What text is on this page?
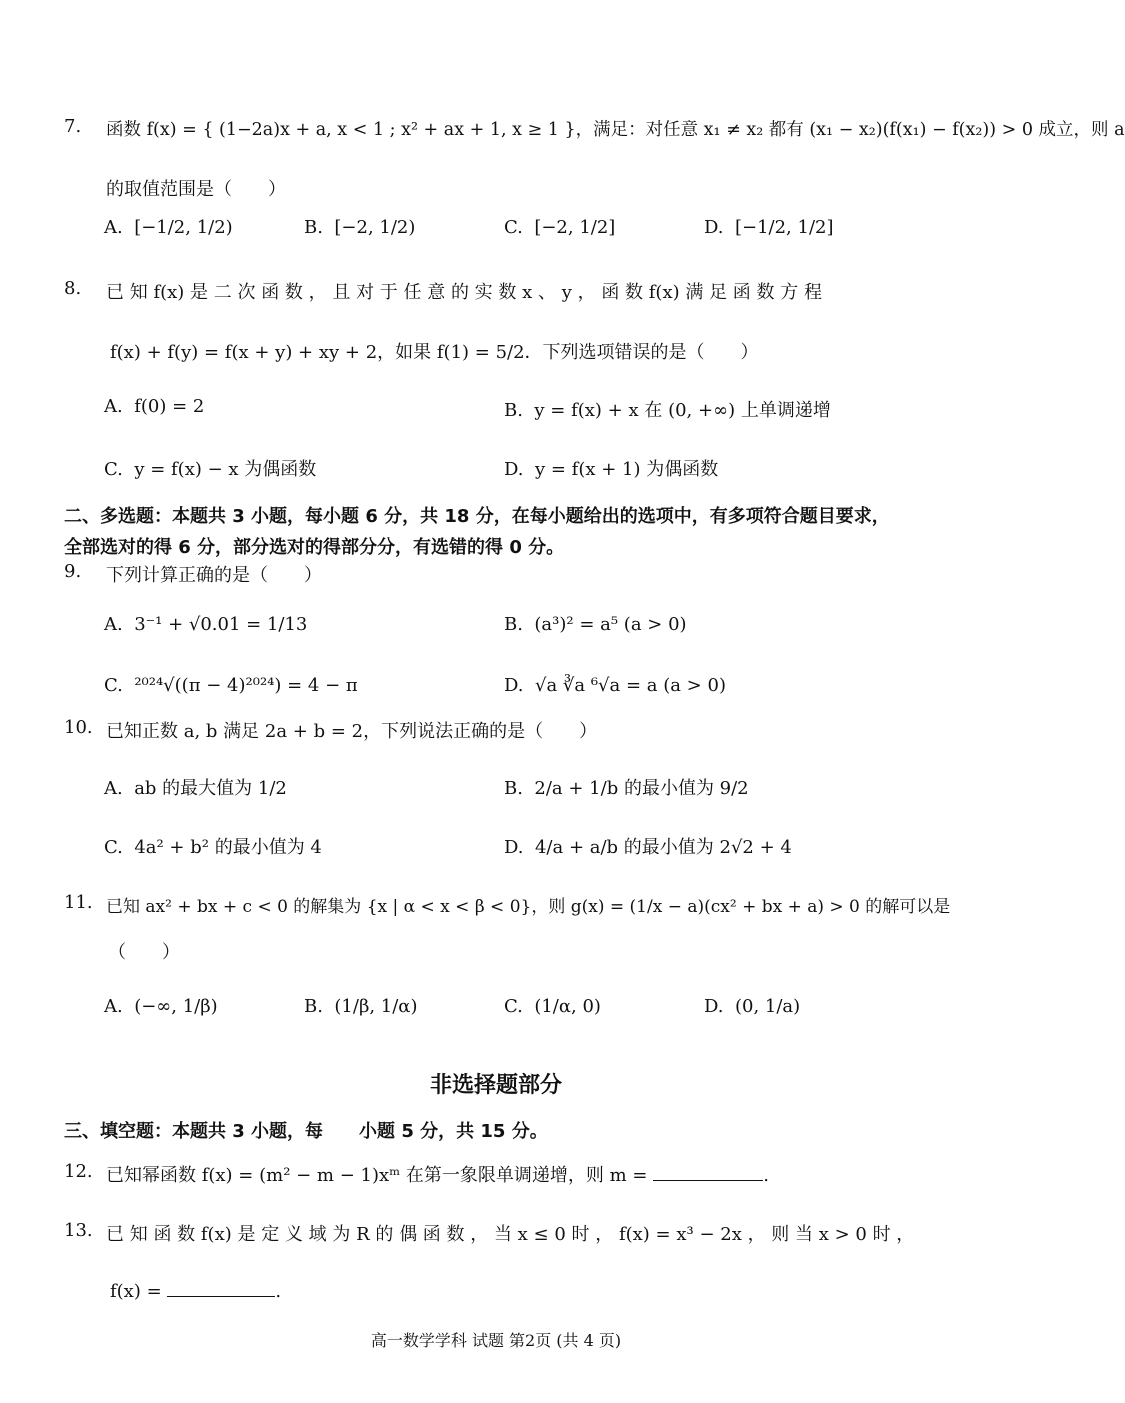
7. 函数 f(x) = { (1−2a)x + a, x < 1 ; x² + ax + 1, x ≥ 1 }，满足：对任意 x₁ ≠ x₂ 都有 (x₁ − x₂)(f(x₁) − f(x₂)) > 0 成立，则 a
的取值范围是（　　）
A. [−1/2, 1/2)	B. [−2, 1/2)	C. [−2, 1/2]	D. [−1/2, 1/2]
8. 已 知 f(x) 是 二 次 函 数 ， 且 对 于 任 意 的 实 数 x 、 y ， 函 数 f(x) 满 足 函 数 方 程
f(x) + f(y) = f(x + y) + xy + 2，如果 f(1) = 5/2．下列选项错误的是（　　）
A. f(0) = 2	B. y = f(x) + x 在 (0, +∞) 上单调递增
C. y = f(x) − x 为偶函数	D. y = f(x + 1) 为偶函数
二、多选题：本题共 3 小题，每小题 6 分，共 18 分，在每小题给出的选项中，有多项符合题目要求，
全部选对的得 6 分，部分选对的得部分分，有选错的得 0 分。
9. 下列计算正确的是（　　）
A. 3⁻¹ + √0.01 = 1/13	B. (a³)² = a⁵ (a > 0)
C. ²⁰²⁴√((π − 4)²⁰²⁴) = 4 − π	D. √a ∛a ⁶√a = a (a > 0)
10. 已知正数 a, b 满足 2a + b = 2，下列说法正确的是（　　）
A. ab 的最大值为 1/2	B. 2/a + 1/b 的最小值为 9/2
C. 4a² + b² 的最小值为 4	D. 4/a + a/b 的最小值为 2√2 + 4
11. 已知 ax² + bx + c < 0 的解集为 {x | α < x < β < 0}，则 g(x) = (1/x − a)(cx² + bx + a) > 0 的解可以是
（　　）
A. (−∞, 1/β)	B. (1/β, 1/α)	C. (1/α, 0)	D. (0, 1/a)
非选择题部分
三、填空题：本题共 3 小题，每　　小题 5 分，共 15 分。
12. 已知幂函数 f(x) = (m² − m − 1)xᵐ 在第一象限单调递增，则 m =	.
13. 已 知 函 数 f(x) 是 定 义 域 为 R 的 偶 函 数 ， 当 x ≤ 0 时 ， f(x) = x³ − 2x ， 则 当 x > 0 时 ，
f(x) =	.
高一数学学科 试题 第2页 (共 4 页)
